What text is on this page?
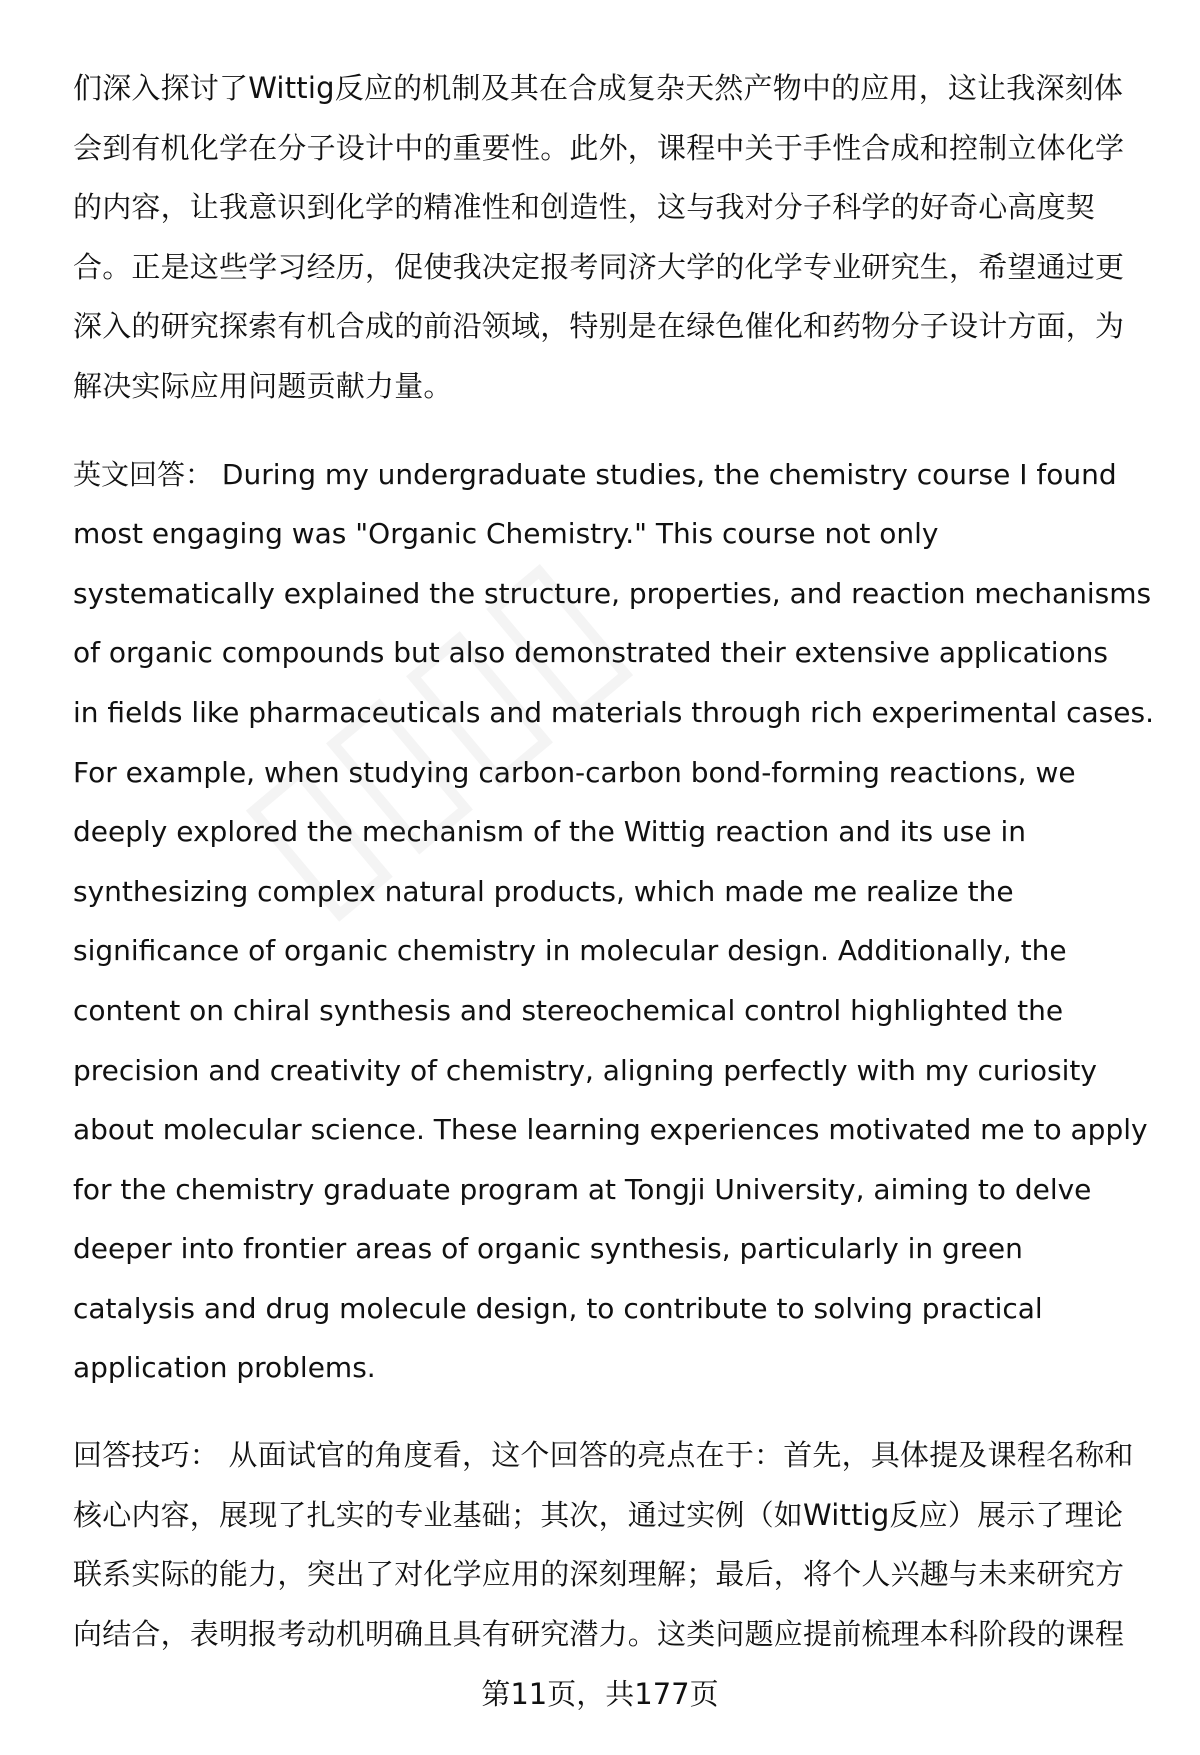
们深入探讨了Wittig反应的机制及其在合成复杂天然产物中的应用，这让我深刻体
会到有机化学在分子设计中的重要性。此外，课程中关于手性合成和控制立体化学
的内容，让我意识到化学的精准性和创造性，这与我对分子科学的好奇心高度契
合。正是这些学习经历，促使我决定报考同济大学的化学专业研究生，希望通过更
深入的研究探索有机合成的前沿领域，特别是在绿色催化和药物分子设计方面，为
解决实际应用问题贡献力量。
英文回答： During my undergraduate studies, the chemistry course I found
most engaging was "Organic Chemistry." This course not only
systematically explained the structure, properties, and reaction mechanisms
of organic compounds but also demonstrated their extensive applications
in fields like pharmaceuticals and materials through rich experimental cases.
For example, when studying carbon-carbon bond-forming reactions, we
deeply explored the mechanism of the Wittig reaction and its use in
synthesizing complex natural products, which made me realize the
significance of organic chemistry in molecular design. Additionally, the
content on chiral synthesis and stereochemical control highlighted the
precision and creativity of chemistry, aligning perfectly with my curiosity
about molecular science. These learning experiences motivated me to apply
for the chemistry graduate program at Tongji University, aiming to delve
deeper into frontier areas of organic synthesis, particularly in green
catalysis and drug molecule design, to contribute to solving practical
application problems.
回答技巧： 从面试官的角度看，这个回答的亮点在于：首先，具体提及课程名称和
核心内容，展现了扎实的专业基础；其次，通过实例（如Wittig反应）展示了理论
联系实际的能力，突出了对化学应用的深刻理解；最后，将个人兴趣与未来研究方
向结合，表明报考动机明确且具有研究潜力。这类问题应提前梳理本科阶段的课程
第11页，共177页
